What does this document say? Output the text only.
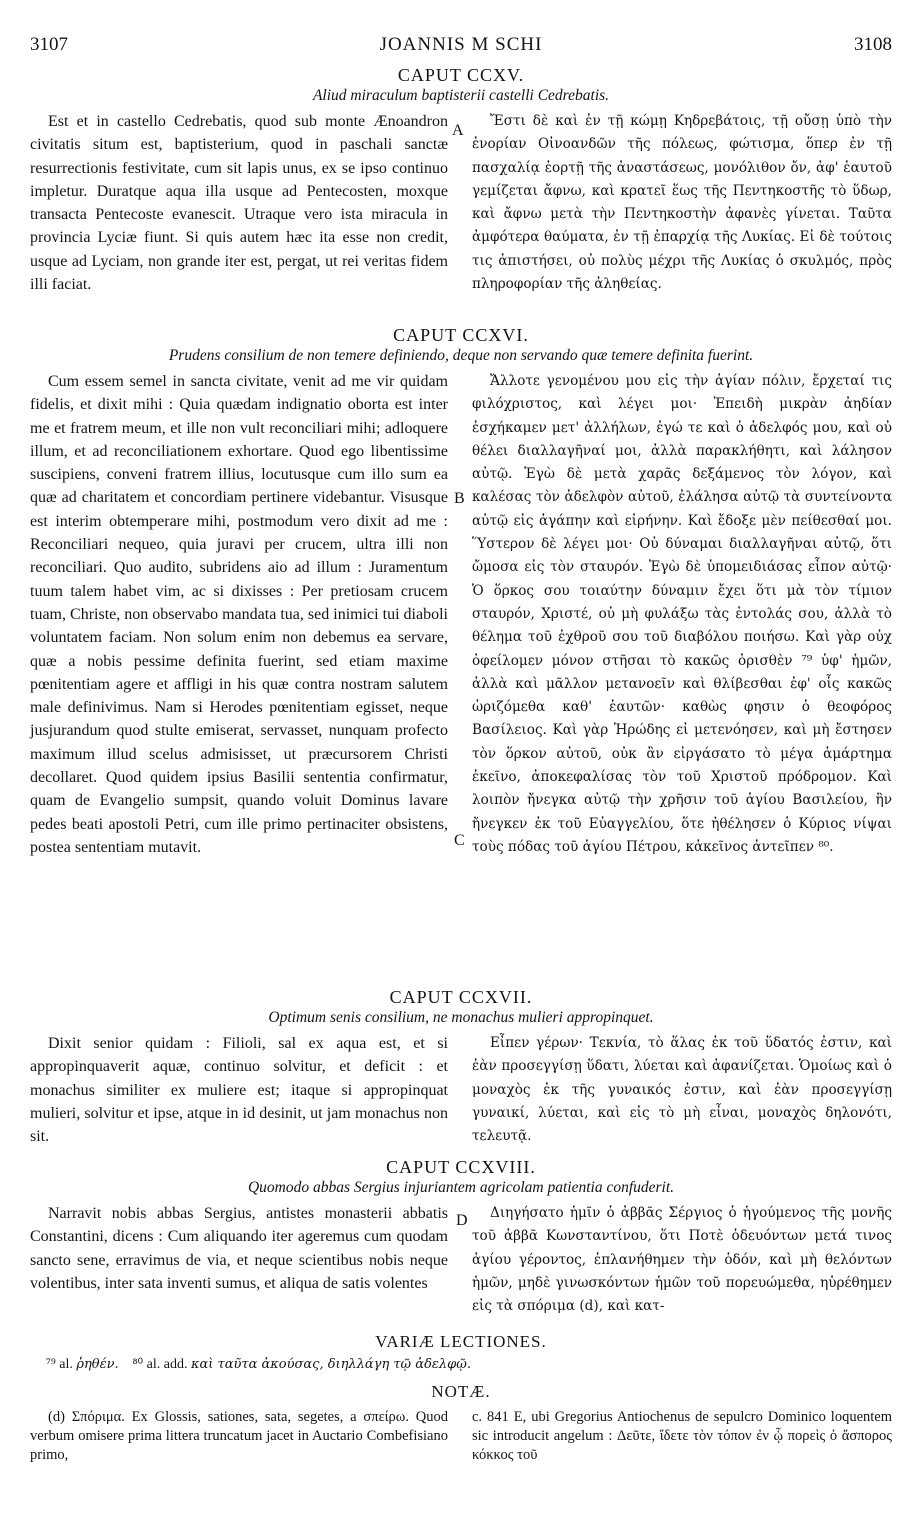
3107	JOANNIS M SCHI	3108
CAPUT CCXV.
Aliud miraculum baptisterii castelli Cedrebatis.

Est et in castello Cedrebatis, quod sub monte Ænoandron civitatis situm est, baptisterium, quod in paschali sanctæ resurrectionis festivitate, cum sit lapis unus, ex se ipso continuo impletur. Duratque aqua illa usque ad Pentecosten, moxque transacta Pentecoste evanescit. Utraque vero ista miracula in provincia Lyciæ fiunt. Si quis autem hæc ita esse non credit, usque ad Lyciam, non grande iter est, pergat, ut rei veritas fidem illi faciat.

A

Ἔστι δὲ καὶ ἐν τῇ κώμῃ Κηδρεβάτοις, τῇ οὔσῃ ὑπὸ τὴν ἐνορίαν Οἰνοανδῶν τῆς πόλεως, φώτισμα, ὅπερ ἐν τῇ πασχαλίᾳ ἑορτῇ τῆς ἀναστάσεως, μονόλιθον ὄν, ἀφ' ἑαυτοῦ γεμίζεται ἄφνω, καὶ κρατεῖ ἕως τῆς Πεντηκοστῆς τὸ ὕδωρ, καὶ ἄφνω μετὰ τὴν Πεντηκοστὴν ἀφανὲς γίνεται. Ταῦτα ἀμφότερα θαύματα, ἐν τῇ ἐπαρχίᾳ τῆς Λυκίας. Εἰ δὲ τούτοις τις ἀπιστήσει, οὐ πολὺς μέχρι τῆς Λυκίας ὁ σκυλμός, πρὸς πληροφορίαν τῆς ἀληθείας.

CAPUT CCXVI.
Prudens consilium de non temere definiendo, deque non servando quæ temere definita fuerint.

Cum essem semel in sancta civitate, venit ad me vir quidam fidelis, et dixit mihi : Quia quædam indignatio oborta est inter me et fratrem meum, et ille non vult reconciliari mihi; adloquere illum, et ad reconciliationem exhortare. Quod ego libentissime suscipiens, conveni fratrem illius, locutusque cum illo sum ea quæ ad charitatem et concordiam pertinere videbantur. Visusque est interim obtemperare mihi, postmodum vero dixit ad me : Reconciliari nequeo, quia juravi per crucem, ultra illi non reconciliari. Quo audito, subridens aio ad illum : Juramentum tuum talem habet vim, ac si dixisses : Per pretiosam crucem tuam, Christe, non observabo mandata tua, sed inimici tui diaboli voluntatem faciam. Non solum enim non debemus ea servare, quæ a nobis pessime definita fuerint, sed etiam maxime pœnitentiam agere et affligi in his quæ contra nostram salutem male definivimus. Nam si Herodes pœnitentiam egisset, neque jusjurandum quod stulte emiserat, servasset, nunquam profecto maximum illud scelus admisisset, ut præcursorem Christi decollaret. Quod quidem ipsius Basilii sententia confirmatur, quam de Evangelio sumpsit, quando voluit Dominus lavare pedes beati apostoli Petri, cum ille primo pertinaciter obsistens, postea sententiam mutavit.

B
C

Ἄλλοτε γενομένου μου εἰς τὴν ἁγίαν πόλιν, ἔρχεταί τις φιλόχριστος, καὶ λέγει μοι· Ἐπειδὴ μικρὰν ἀηδίαν ἐσχήκαμεν μετ' ἀλλήλων, ἐγώ τε καὶ ὁ ἀδελφός μου, καὶ οὐ θέλει διαλλαγῆναί μοι, ἀλλὰ παρακλήθητι, καὶ λάλησον αὐτῷ. Ἐγὼ δὲ μετὰ χαρᾶς δεξάμενος τὸν λόγον, καὶ καλέσας τὸν ἀδελφὸν αὐτοῦ, ἐλάλησα αὐτῷ τὰ συντείνοντα αὐτῷ εἰς ἀγάπην καὶ εἰρήνην. Καὶ ἔδοξε μὲν πείθεσθαί μοι. Ὕστερον δὲ λέγει μοι· Οὐ δύναμαι διαλλαγῆναι αὐτῷ, ὅτι ὤμοσα εἰς τὸν σταυρόν. Ἐγὼ δὲ ὑπομειδιάσας εἶπον αὐτῷ· Ὁ ὅρκος σου τοιαύτην δύναμιν ἔχει ὅτι μὰ τὸν τίμιον σταυρόν, Χριστέ, οὐ μὴ φυλάξω τὰς ἐντολάς σου, ἀλλὰ τὸ θέλημα τοῦ ἐχθροῦ σου τοῦ διαβόλου ποιήσω. Καὶ γὰρ οὐχ ὀφείλομεν μόνον στῆσαι τὸ κακῶς ὁρισθὲν ⁷⁹ ὑφ' ἡμῶν, ἀλλὰ καὶ μᾶλλον μετανοεῖν καὶ θλίβεσθαι ἐφ' οἷς κακῶς ὡριζόμεθα καθ' ἑαυτῶν· καθὼς φησιν ὁ θεοφόρος Βασίλειος. Καὶ γὰρ Ἡρώδης εἰ μετενόησεν, καὶ μὴ ἔστησεν τὸν ὅρκον αὐτοῦ, οὐκ ἂν εἰργάσατο τὸ μέγα ἁμάρτημα ἐκεῖνο, ἀποκεφαλίσας τὸν τοῦ Χριστοῦ πρόδρομον. Καὶ λοιπὸν ἤνεγκα αὐτῷ τὴν χρῆσιν τοῦ ἁγίου Βασιλείου, ἣν ἤνεγκεν ἐκ τοῦ Εὐαγγελίου, ὅτε ἠθέλησεν ὁ Κύριος νίψαι τοὺς πόδας τοῦ ἁγίου Πέτρου, κἀκεῖνος ἀντεῖπεν ⁸⁰.

CAPUT CCXVII.
Optimum senis consilium, ne monachus mulieri appropinquet.

Dixit senior quidam : Filioli, sal ex aqua est, et si appropinquaverit aquæ, continuo solvitur, et deficit : et monachus similiter ex muliere est; itaque si appropinquat mulieri, solvitur et ipse, atque in id desinit, ut jam monachus non sit.

Εἶπεν γέρων· Τεκνία, τὸ ἅλας ἐκ τοῦ ὕδατός ἐστιν, καὶ ἐὰν προσεγγίσῃ ὕδατι, λύεται καὶ ἀφανίζεται. Ὁμοίως καὶ ὁ μοναχὸς ἐκ τῆς γυναικός ἐστιν, καὶ ἐὰν προσεγγίσῃ γυναικί, λύεται, καὶ εἰς τὸ μὴ εἶναι, μοναχὸς δηλονότι, τελευτᾷ.

CAPUT CCXVIII.
Quomodo abbas Sergius injuriantem agricolam patientia confuderit.

Narravit nobis abbas Sergius, antistes monasterii abbatis Constantini, dicens : Cum aliquando iter ageremus cum quodam sancto sene, erravimus de via, et neque scientibus nobis neque volentibus, inter sata inventi sumus, et aliqua de satis volentes

D	Διηγήσατο ἡμῖν ὁ ἀββᾶς Σέργιος ὁ ἡγούμενος τῆς μονῆς τοῦ ἀββᾶ Κωνσταντίνου, ὅτι Ποτὲ ὁδευόντων μετά τινος ἁγίου γέροντος, ἐπλανήθημεν τὴν ὁδόν, καὶ μὴ θελόντων ἡμῶν, μηδὲ γινωσκόντων ἡμῶν τοῦ πορευώμεθα, ηὑρέθημεν εἰς τὰ σπόριμα (d), καὶ κατ-

VARIÆ LECTIONES.
⁷⁹ al. ῥηθέν. ⁸⁰ al. add. καὶ ταῦτα ἀκούσας, διηλλάγη τῷ ἀδελφῷ.
NOTÆ.

(d) Σπόριμα. Ex Glossis, sationes, sata, segetes, a σπείρω. Quod verbum omisere prima littera truncatum jacet in Auctario Combefisiano primo,

c. 841 E, ubi Gregorius Antiochenus de sepulcro Dominico loquentem sic introducit angelum : Δεῦτε, ἴδετε τὸν τόπον ἐν ᾧ πορεὶς ὁ ἄσπορος κόκκος τοῦ
